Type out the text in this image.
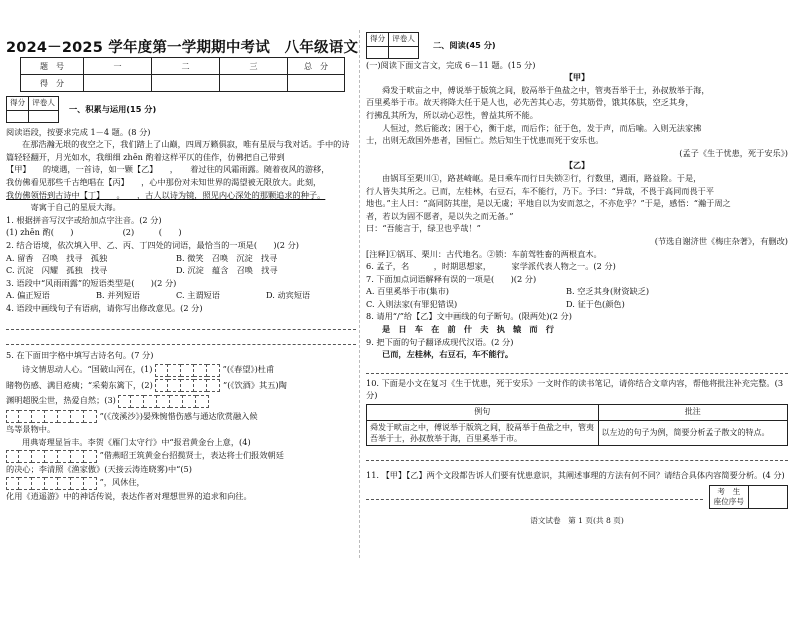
2024－2025 学年度第一学期期中考试　八年级语文
题　号	一	二	三	总　分
得　分				
得分	评卷人

一、积累与运用(15 分)

阅读语段，按要求完成 1－4 题。(8 分)

在那浩瀚无垠的夜空之下，我们踏上了山巅，四周万籁俱寂，唯有星辰与我对话。手中的诗篇轻轻翻开，月光如水，我细细 zhēn 酌着这样平仄的佳作，仿佛把自己带到

【甲】　　的境遇，一首诗，如一颗【乙】　　，　　着过往的风霜雨露。随着夜风的游移，

我仿佛看见那些千古绝唱在【丙】　　，心中那份对未知世界的渴望被无限放大。此刻，

我仿佛领悟到古诗中【丁】　　。　　，古人以诗为镜，照见内心深处的那颗追求的种子。

　　　寄寓于自己的星辰大海。

1. 根据拼音写汉字或给加点字注音。(2 分)

(1) zhēn 酌(　　)　　　　　　(2)　　　(　　)

2. 结合语境，依次填入甲、乙、丙、丁四处的词语，最恰当的一项是(　　)(2 分)

A. 留香　召唤　找寻　孤独	B. 微笑　召唤　沉淀　找寻
C. 沉淀　闪耀　孤独　找寻	D. 沉淀　蕴含　召唤　找寻

3. 语段中“风雨雨露”的短语类型是(　　)(2 分)

A. 偏正短语	B. 并列短语	C. 主谓短语	D. 动宾短语

4. 语段中画线句子有语病，请你写出修改意见。(2 分)

5. 在下面田字格中填写古诗名句。(7 分)

诗文情思动人心。“国破山河在，(1)	”(《春望》)杜甫

睹物伤感、满目疮痍；“采菊东篱下，(2)	”(《饮酒》其五)陶

渊明超脱尘世，热爱自然；(3)

”(《茂溪沙》)晏殊惋惜伤感与通达欣赏融入候

鸟等景物中。

用典寄理显旨丰。李贺《雁门太守行》中“报君黄金台上意，(4)

”借燕昭王筑黄金台招揽贤士，表达将士们报效朝廷

的决心；李清照《渔家傲》(天接云涛连晓雾)中“(5)

”，风休住，

化用《逍遥游》中的神话传说，表达作者对理想世界的追求和向往。

得分	评卷人

二、阅读(45 分)

(一)阅读下面文言文，完成 6－11 题。(15 分)

【甲】

舜发于畎亩之中，傅说举于版筑之间，胶鬲举于鱼盐之中，管夷吾举于士，孙叔敖举于海，

百里奚举于市。故天将降大任于是人也，必先苦其心志，劳其筋骨，饿其体肤，空乏其身，

行拂乱其所为，所以动心忍性，曾益其所不能。

人恒过，然后能改；困于心，衡于虑，而后作；征于色，发于声，而后喻。入则无法家拂

士，出则无敌国外患者，国恒亡。然后知生于忧患而死于安乐也。

(孟子《生于忧患，死于安乐》)

【乙】

由锅耳至栗川①，路甚崎岖。是日乘车而行日失锁②行，行数里，遇雨，路益险。于是，

行人皆失其所之。已而，左桂林，右豆石，车不能行，乃下。予曰：“异哉，不畏于高同而畏于平

地也。”主人曰：“高同防其崖，是以无虞；平地自以为安而忽之，不亦危乎？”于是，感悟：“瀚于周之

者，若以为固不愿者，是以失之而无备。”

曰：“吾能言于，绿卫也乎哉！”

(节选自谢济世《梅庄杂著》，有删改)

[注释]①锅耳、栗川：古代地名。②锁：车前驾牲畜的两根直木。

6. 孟子，名　　　，时期思想家，　　　家学派代表人物之一。(2 分)

7. 下面加点词语解释有误的一项是(　　)(2 分)

A. 百里奚举于市(集市)	B. 空乏其身(财资缺乏)
C. 入则法家(有罪犯错误)	D. 征于色(颜色)

8. 请用“/”给【乙】文中画线的句子断句。(限两处)(2 分)

是　日　车　在　前　什　夫　执　辕　而　行

9. 把下面的句子翻译成现代汉语。(2 分)

已而，左桂林，右豆石，车不能行。

10. 下面是小文在复习《生于忧患，死于安乐》一文时作的读书笔记，请你结合文章内容，帮他将批注补充完整。(3 分)

例句	批注
舜发于畎亩之中，傅说举于版筑之间，胶鬲举于鱼盐之中，管夷吾举于士，孙叔敖举于海，百里奚举于市。	以左边的句子为例，简要分析孟子散文的特点。

11. 【甲】【乙】两个文段都告诉人们要有忧患意识，其阐述事理的方法有何不同？请结合具体内容简要分析。(4 分)

考　生
座位序号

语文试卷　第 1 页(共 8 页)
